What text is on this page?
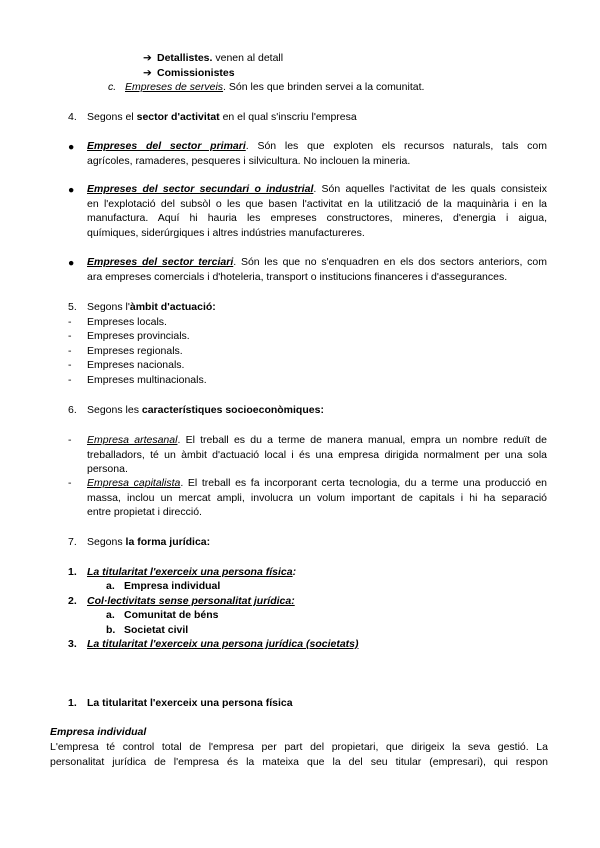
➔ Detallistes. venen al detall
➔ Comissionistes
c. Empreses de serveis. Són les que brinden servei a la comunitat.
4. Segons el sector d'activitat en el qual s'inscriu l'empresa
● Empreses del sector primari. Són les que exploten els recursos naturals, tals com
agrícoles, ramaderes, pesqueres i silvicultura. No inclouen la mineria.
● Empreses del sector secundari o industrial. Són aquelles l'activitat de les quals consisteix
en l'explotació del subsòl o les que basen l'activitat en la utilització de la maquinària i en la
manufactura. Aquí hi hauria les empreses constructores, mineres, d'energia i aigua,
químiques, siderúrgiques i altres indústries manufactureres.
● Empreses del sector terciari. Són les que no s'enquadren en els dos sectors anteriors, com
ara empreses comercials i d'hoteleria, transport o institucions financeres i d'assegurances.
5. Segons l'àmbit d'actuació:
- Empreses locals.
- Empreses provincials.
- Empreses regionals.
- Empreses nacionals.
- Empreses multinacionals.
6. Segons les característiques socioeconòmiques:
- Empresa artesanal. El treball es du a terme de manera manual, empra un nombre reduït de
treballadors, té un àmbit d'actuació local i és una empresa dirigida normalment per una sola
persona.
- Empresa capitalista. El treball es fa incorporant certa tecnologia, du a terme una producció en
massa, inclou un mercat ampli, involucra un volum important de capitals i hi ha separació
entre propietat i direcció.
7. Segons la forma jurídica:
1. La titularitat l'exerceix una persona física:
a. Empresa individual
2. Col·lectivitats sense personalitat jurídica:
a. Comunitat de béns
b. Societat civil
3. La titularitat l'exerceix una persona jurídica (societats)
1. La titularitat l'exerceix una persona física
Empresa individual
L'empresa té control total de l'empresa per part del propietari, que dirigeix la seva gestió. La
personalitat jurídica de l'empresa és la mateixa que la del seu titular (empresari), qui respon
